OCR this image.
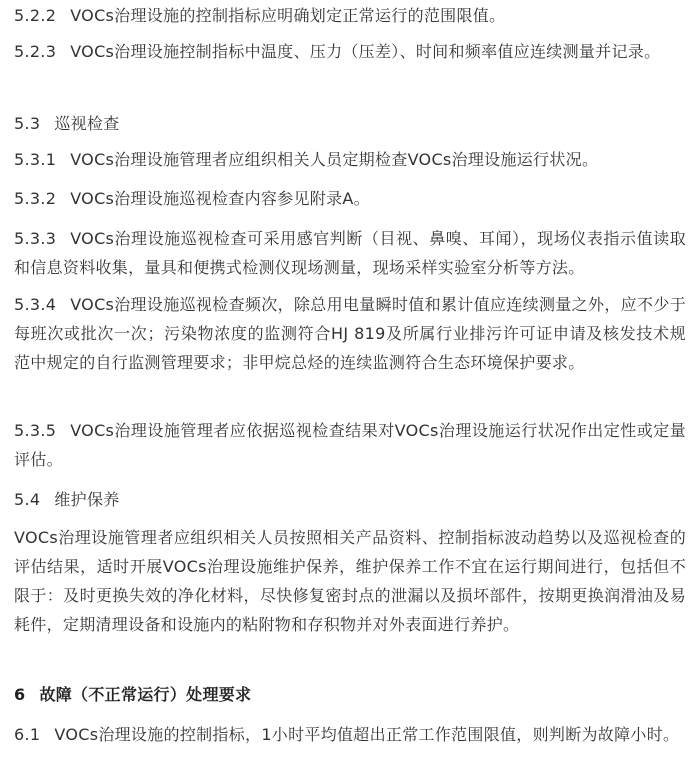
5.2.2 VOCs治理设施的控制指标应明确划定正常运行的范围限值。

5.2.3 VOCs治理设施控制指标中温度、压力（压差）、时间和频率值应连续测量并记录。

5.3 巡视检查

5.3.1 VOCs治理设施管理者应组织相关人员定期检查VOCs治理设施运行状况。

5.3.2 VOCs治理设施巡视检查内容参见附录A。

5.3.3 VOCs治理设施巡视检查可采用感官判断（目视、鼻嗅、耳闻），现场仪表指示值读取和信息资料收集，量具和便携式检测仪现场测量，现场采样实验室分析等方法。

5.3.4 VOCs治理设施巡视检查频次，除总用电量瞬时值和累计值应连续测量之外，应不少于每班次或批次一次；污染物浓度的监测符合HJ 819及所属行业排污许可证申请及核发技术规范中规定的自行监测管理要求；非甲烷总烃的连续监测符合生态环境保护要求。

5.3.5 VOCs治理设施管理者应依据巡视检查结果对VOCs治理设施运行状况作出定性或定量评估。

5.4 维护保养

VOCs治理设施管理者应组织相关人员按照相关产品资料、控制指标波动趋势以及巡视检查的评估结果，适时开展VOCs治理设施维护保养，维护保养工作不宜在运行期间进行，包括但不限于：及时更换失效的净化材料，尽快修复密封点的泄漏以及损坏部件，按期更换润滑油及易耗件，定期清理设备和设施内的粘附物和存积物并对外表面进行养护。

6 故障（不正常运行）处理要求

6.1 VOCs治理设施的控制指标，1小时平均值超出正常工作范围限值，则判断为故障小时。
